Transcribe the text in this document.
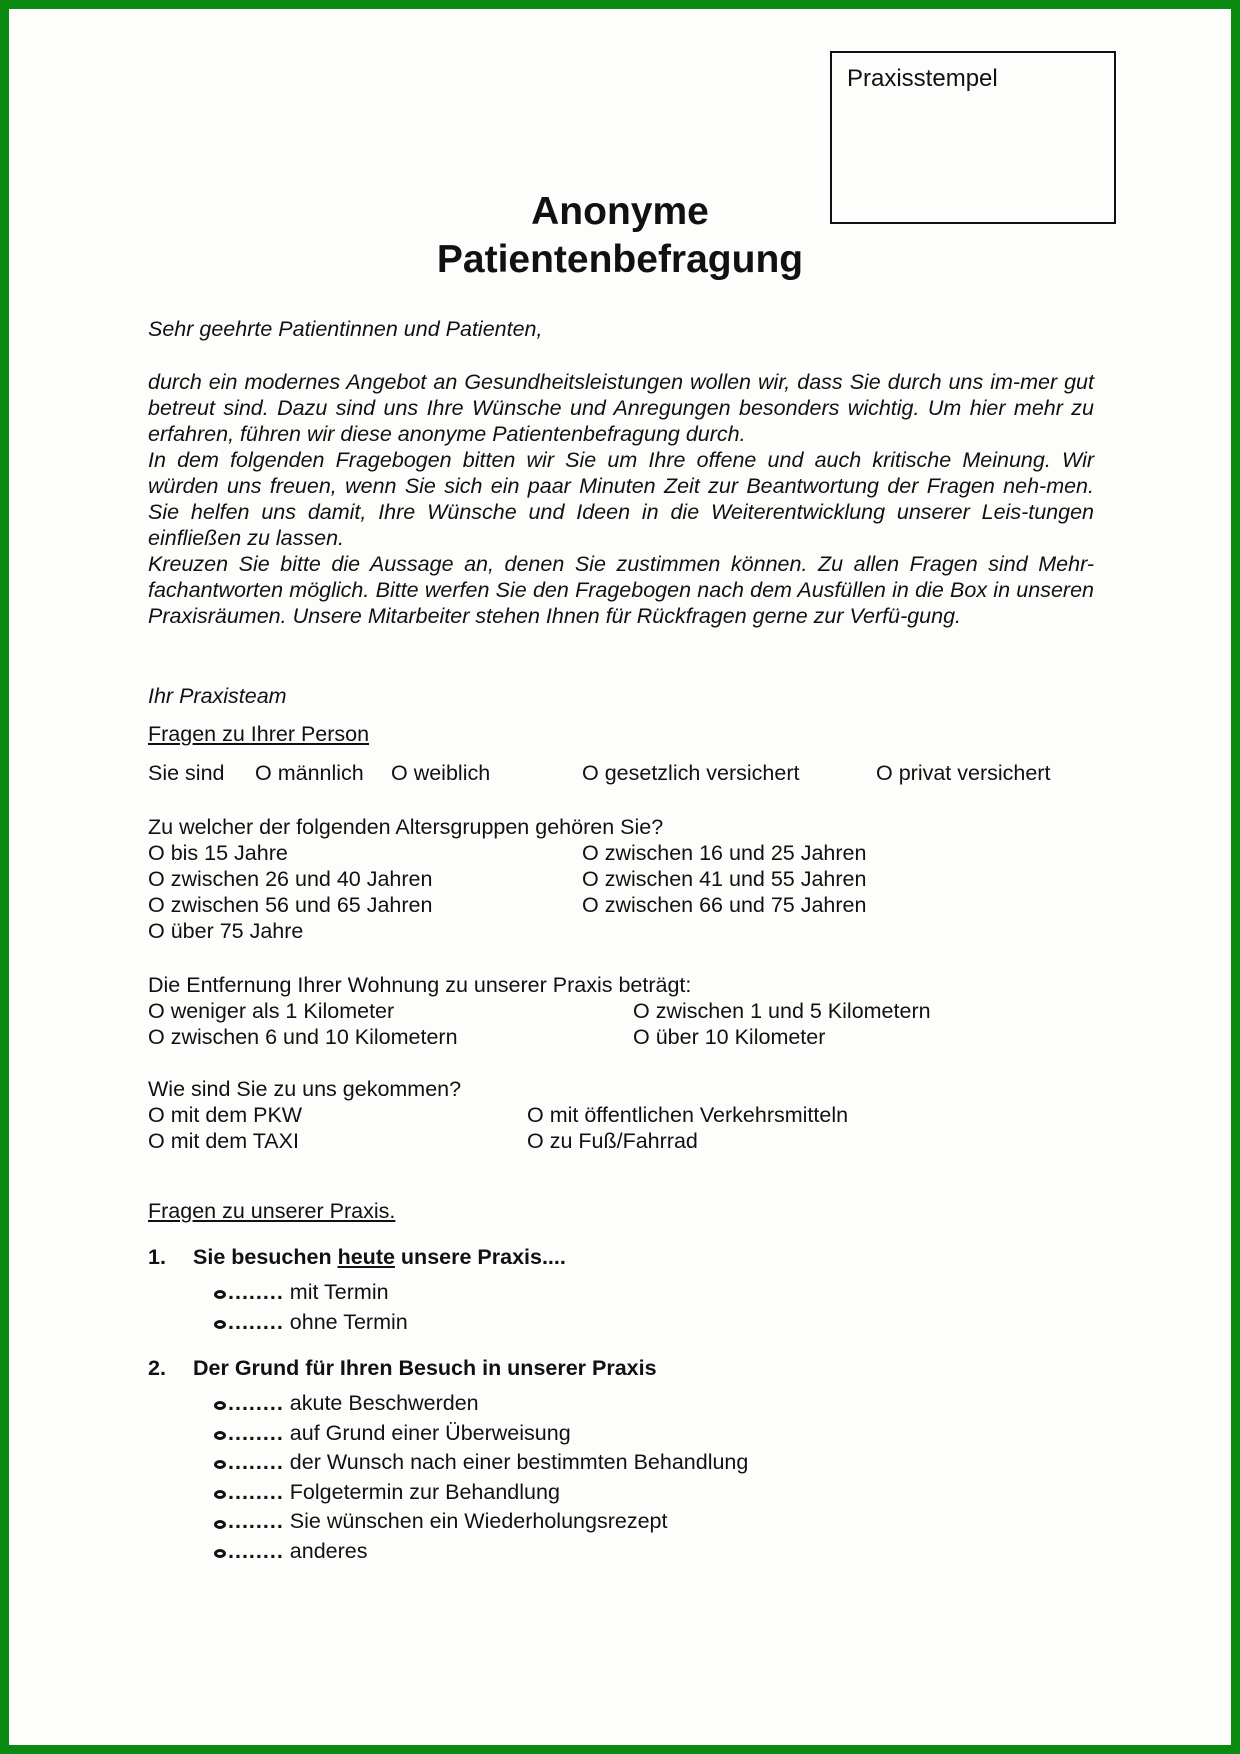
Praxisstempel
Anonyme
Patientenbefragung
Sehr geehrte Patientinnen und Patienten,

durch ein modernes Angebot an Gesundheitsleistungen wollen wir, dass Sie durch uns im-mer gut betreut sind. Dazu sind uns Ihre Wünsche und Anregungen besonders wichtig. Um hier mehr zu erfahren, führen wir diese anonyme Patientenbefragung durch.

In dem folgenden Fragebogen bitten wir Sie um Ihre offene und auch kritische Meinung. Wir würden uns freuen, wenn Sie sich ein paar Minuten Zeit zur Beantwortung der Fragen neh-men. Sie helfen uns damit, Ihre Wünsche und Ideen in die Weiterentwicklung unserer Leis-tungen einfließen zu lassen.

Kreuzen Sie bitte die Aussage an, denen Sie zustimmen können. Zu allen Fragen sind Mehr-fachantworten möglich. Bitte werfen Sie den Fragebogen nach dem Ausfüllen in die Box in unseren Praxisräumen. Unsere Mitarbeiter stehen Ihnen für Rückfragen gerne zur Verfü-gung.

Ihr Praxisteam
Fragen zu Ihrer Person
Sie sind O männlich O weiblich	O gesetzlich versichert	O privat versichert
Zu welcher der folgenden Altersgruppen gehören Sie?
O bis 15 Jahre
O zwischen 26 und 40 Jahren
O zwischen 56 und 65 Jahren
O über 75 Jahre
O zwischen 16 und 25 Jahren
O zwischen 41 und 55 Jahren
O zwischen 66 und 75 Jahren
Die Entfernung Ihrer Wohnung zu unserer Praxis beträgt:
O weniger als 1 Kilometer
O zwischen 6 und 10 Kilometern
O zwischen 1 und 5 Kilometern
O über 10 Kilometer
Wie sind Sie zu uns gekommen?
O mit dem PKW
O mit dem TAXI
O mit öffentlichen Verkehrsmitteln
O zu Fuß/Fahrrad
Fragen zu unserer Praxis.
1. Sie besuchen heute unsere Praxis....
........ mit Termin
........ ohne Termin
2. Der Grund für Ihren Besuch in unserer Praxis
........ akute Beschwerden
........ auf Grund einer Überweisung
........ der Wunsch nach einer bestimmten Behandlung
........ Folgetermin zur Behandlung
........ Sie wünschen ein Wiederholungsrezept
........ anderes
